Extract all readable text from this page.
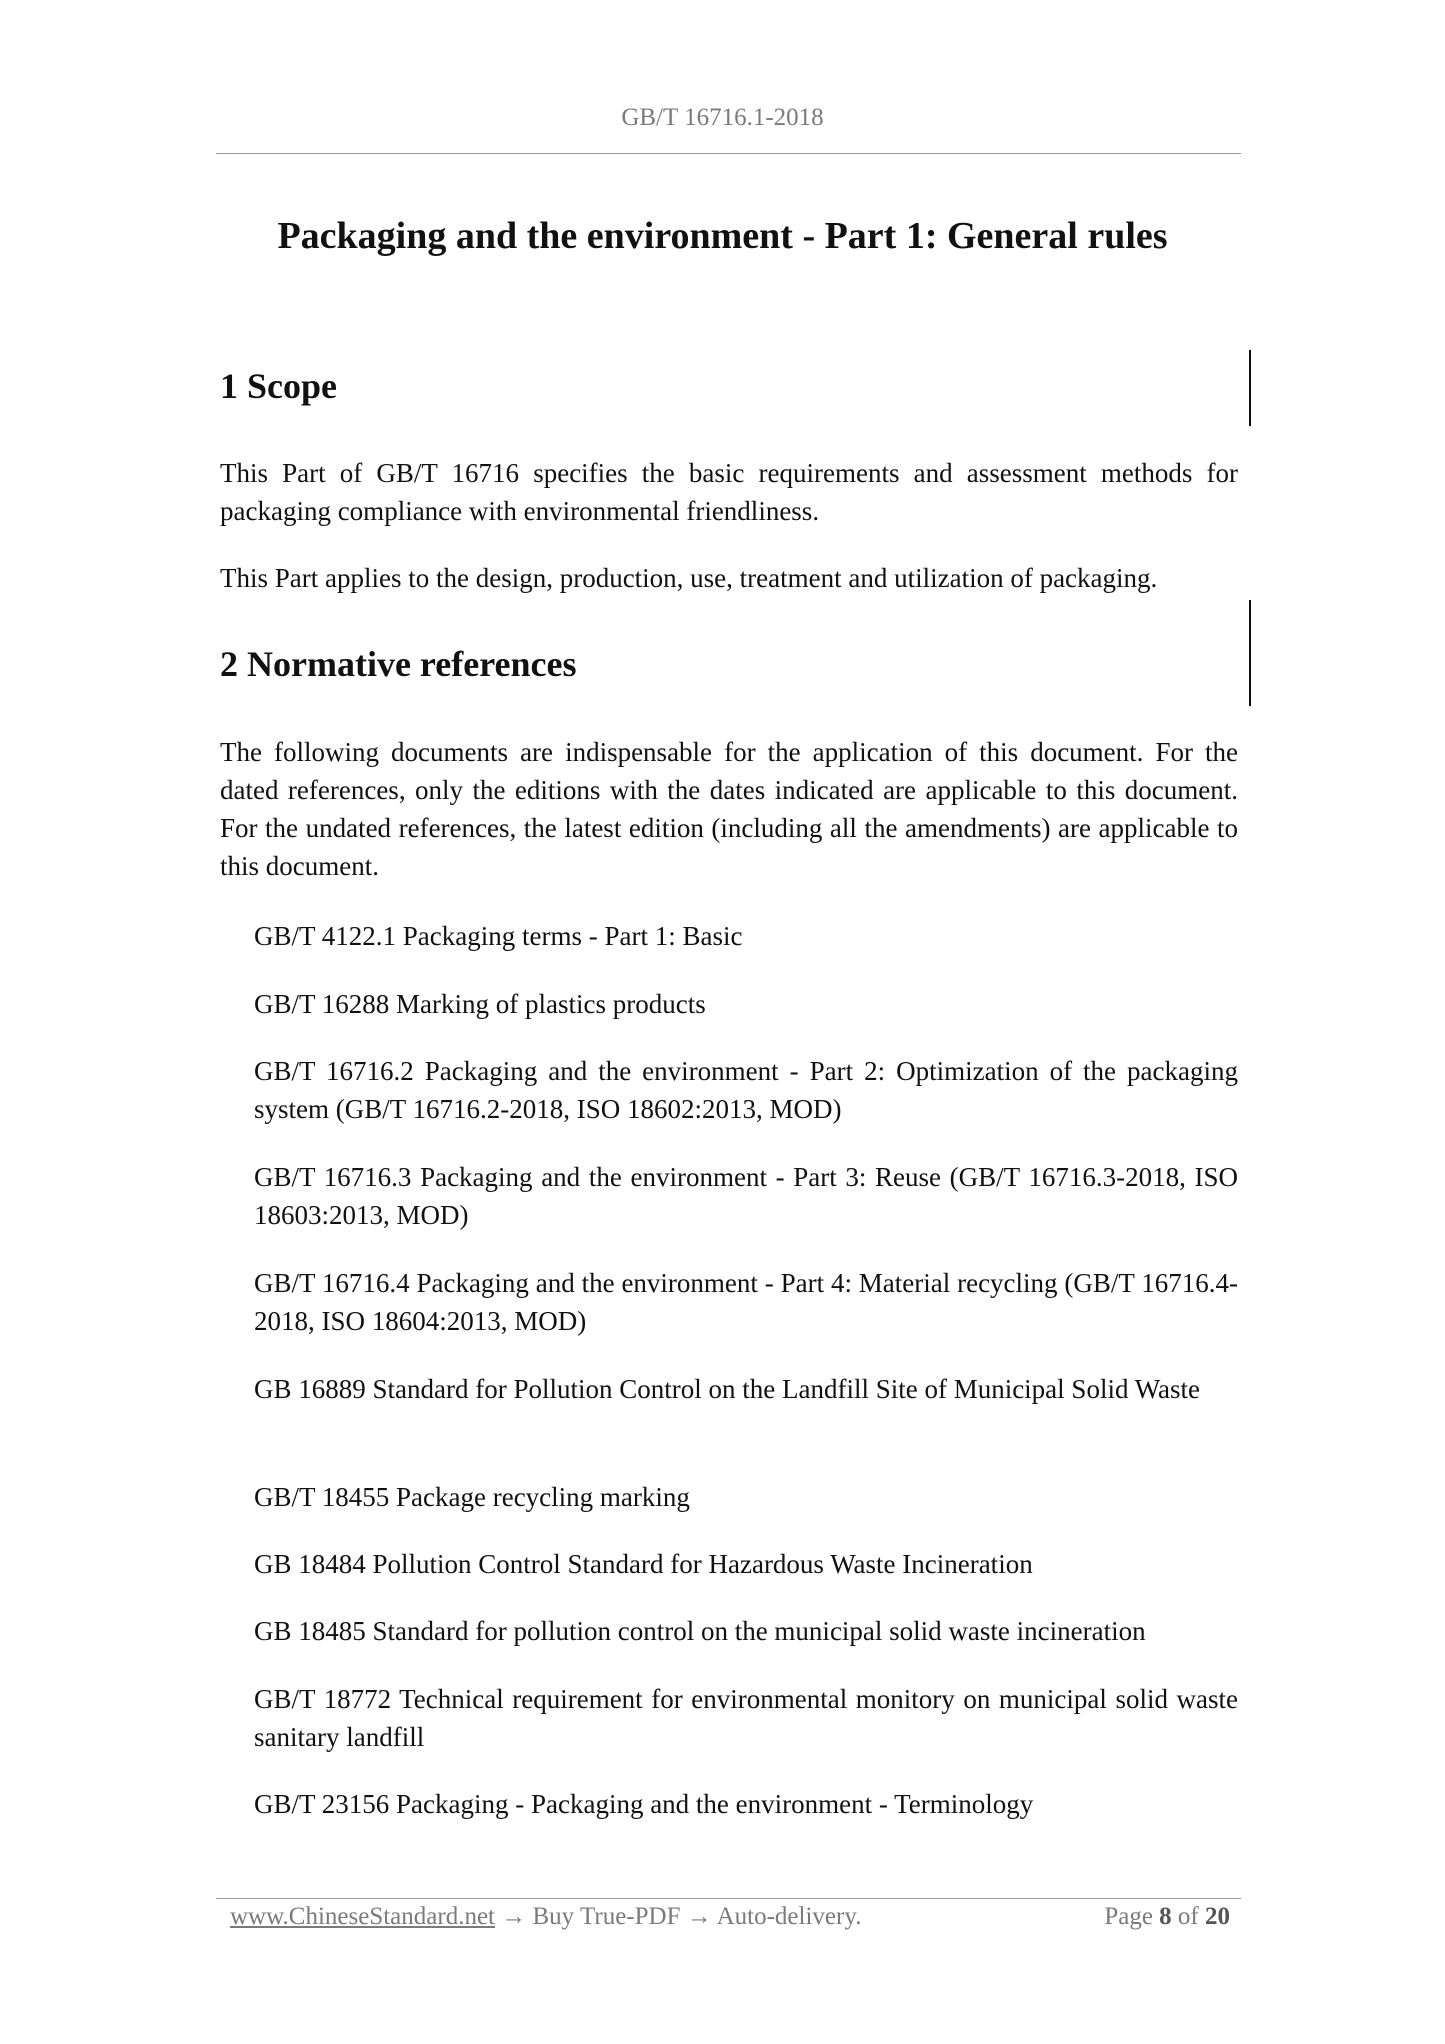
GB/T 16716.1-2018
Packaging and the environment - Part 1: General rules
1 Scope

This Part of GB/T 16716 specifies the basic requirements and assessment methods for packaging compliance with environmental friendliness.

This Part applies to the design, production, use, treatment and utilization of packaging.

2 Normative references

The following documents are indispensable for the application of this document. For the dated references, only the editions with the dates indicated are applicable to this document. For the undated references, the latest edition (including all the amendments) are applicable to this document.

GB/T 4122.1 Packaging terms - Part 1: Basic

GB/T 16288 Marking of plastics products

GB/T 16716.2 Packaging and the environment - Part 2: Optimization of the packaging system (GB/T 16716.2-2018, ISO 18602:2013, MOD)

GB/T 16716.3 Packaging and the environment - Part 3: Reuse (GB/T 16716.3-2018, ISO 18603:2013, MOD)

GB/T 16716.4 Packaging and the environment - Part 4: Material recycling (GB/T 16716.4-2018, ISO 18604:2013, MOD)

GB 16889 Standard for Pollution Control on the Landfill Site of Municipal Solid Waste

GB/T 18455 Package recycling marking

GB 18484 Pollution Control Standard for Hazardous Waste Incineration

GB 18485 Standard for pollution control on the municipal solid waste incineration

GB/T 18772 Technical requirement for environmental monitory on municipal solid waste sanitary landfill

GB/T 23156 Packaging - Packaging and the environment - Terminology

www.ChineseStandard.net → Buy True-PDF → Auto-delivery.	Page 8 of 20
